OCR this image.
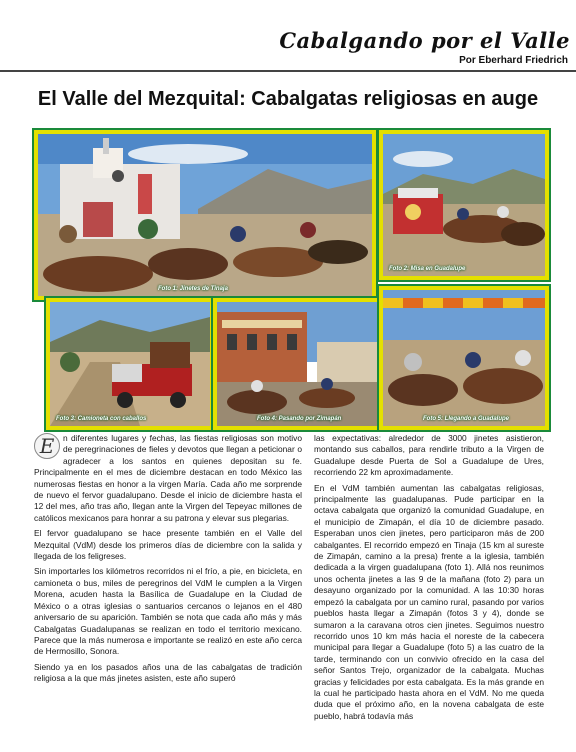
Cabalgando por el Valle
Por Eberhard Friedrich
El Valle del Mezquital: Cabalgatas religiosas en auge
Foto 1: Jinetes de Tinaja
Foto 2: Misa en Guadalupe
Foto 3: Camioneta con caballos	Foto 4: Pasando por Zimapán	Foto 5: Llegando a Guadalupe

E	n diferentes lugares y fechas, las fiestas religiosas son motivo de peregrinaciones de fieles y devotos que llegan a peticionar o agradecer a los santos en quienes depositan su fe. Principalmente en el mes de diciembre destacan en todo México las numerosas fiestas en honor a la virgen María. Cada año me sorprende de nuevo el fervor guadalupano. Desde el inicio de diciembre hasta el 12 del mes, año tras año, llegan ante la Virgen del Tepeyac millones de católicos mexicanos para honrar a su patrona y elevar sus plegarias.

El fervor guadalupano se hace presente también en el Valle del Mezquital (VdM) desde los primeros días de diciembre con la salida y llegada de los feligreses.

Sin importarles los kilómetros recorridos ni el frío, a pie, en bicicleta, en camioneta o bus, miles de peregrinos del VdM le cumplen a la Virgen Morena, acuden hasta la Basílica de Guadalupe en la Ciudad de México o a otras iglesias o santuarios cercanos o lejanos en el 480 aniversario de su aparición. También se nota que cada año más y más Cabalgatas Guadalupanas se realizan en todo el territorio mexicano. Parece que la más numerosa e importante se realizó en este año cerca de Hermosillo, Sonora.

Siendo ya en los pasados años una de las cabalgatas de tradición religiosa a la que más jinetes asisten, este año superó

las expectativas: alrededor de 3000 jinetes asistieron, montando sus caballos, para rendirle tributo a la Virgen de Guadalupe desde Puerta de Sol a Guadalupe de Ures, recorriendo 22 km aproximadamente.

En el VdM también aumentan las cabalgatas religiosas, principalmente las guadalupanas. Pude participar en la octava cabalgata que organizó la comunidad Guadalupe, en el municipio de Zimapán, el día 10 de diciembre pasado. Esperaban unos cien jinetes, pero participaron más de 200 cabalgantes. El recorrido empezó en Tinaja (15 km al sureste de Zimapán, camino a la presa) frente a la iglesia, también dedicada a la virgen guadalupana (foto 1). Allá nos reunimos unos ochenta jinetes a las 9 de la mañana (foto 2) para un desayuno organizado por la comunidad. A las 10:30 horas empezó la cabalgata por un camino rural, pasando por varios pueblos hasta llegar a Zimapán (fotos 3 y 4), donde se sumaron a la caravana otros cien jinetes. Seguimos nuestro recorrido unos 10 km más hacia el noreste de la cabecera municipal para llegar a Guadalupe (foto 5) a las cuatro de la tarde, terminando con un convivio ofrecido en la casa del señor Santos Trejo, organizador de la cabalgata. Muchas gracias y felicidades por esta cabalgata. Es la más grande en la cual he participado hasta ahora en el VdM. No me queda duda que el próximo año, en la novena cabalgata de este pueblo, habrá todavía más
